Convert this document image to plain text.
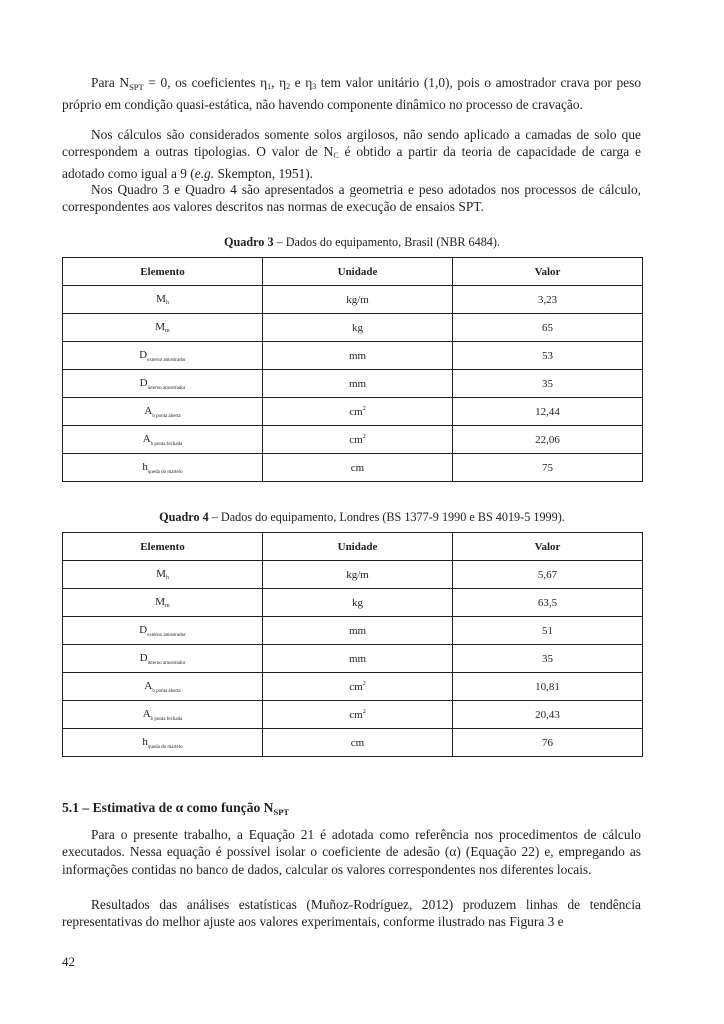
Para $N_{SPT} = 0$, os coeficientes $\eta_1$, $\eta_2$ e $\eta_3$ tem valor unitário (1,0), pois o amostrador crava por peso próprio em condição quasi-estática, não havendo componente dinâmico no processo de cravação.

Nos cálculos são considerados somente solos argilosos, não sendo aplicado a camadas de solo que correspondem a outras tipologias. O valor de $N_C$ é obtido a partir da teoria de capacidade de carga e adotado como igual a 9 (e.g. Skempton, 1951).

Nos Quadro 3 e Quadro 4 são apresentados a geometria e peso adotados nos processos de cálculo, correspondentes aos valores descritos nas normas de execução de ensaios SPT.

Quadro 3 – Dados do equipamento, Brasil (NBR 6484).
Elemento	Unidade	Valor
$M_h$	kg/m	3,23
$M_m$	kg	65
$D_{externo amostrador}$	mm	53
$D_{interno amostrador}$	mm	35
$A_{b ponta aberta}$	$cm^2$	12,44
$A_{b ponta fechada}$	$cm^2$	22,06
$h_{queda do martelo}$	cm	75
Quadro 4 – Dados do equipamento, Londres (BS 1377-9 1990 e BS 4019-5 1999).
Elemento	Unidade	Valor
$M_h$	kg/m	5,67
$M_m$	kg	63,5
$D_{externo amostrador}$	mm	51
$D_{interno amostrador}$	mm	35
$A_{b ponta aberta}$	$cm^2$	10,81
$A_{b ponta fechada}$	$cm^2$	20,43
$h_{queda do martelo}$	cm	76

5.1 – Estimativa de α como função $N_{SPT}$

Para o presente trabalho, a Equação 21 é adotada como referência nos procedimentos de cálculo executados. Nessa equação é possível isolar o coeficiente de adesão (α) (Equação 22) e, empregando as informações contidas no banco de dados, calcular os valores correspondentes nos diferentes locais.

Resultados das análises estatísticas (Muñoz-Rodríguez, 2012) produzem linhas de tendência representativas do melhor ajuste aos valores experimentais, conforme ilustrado nas Figura 3 e

42
